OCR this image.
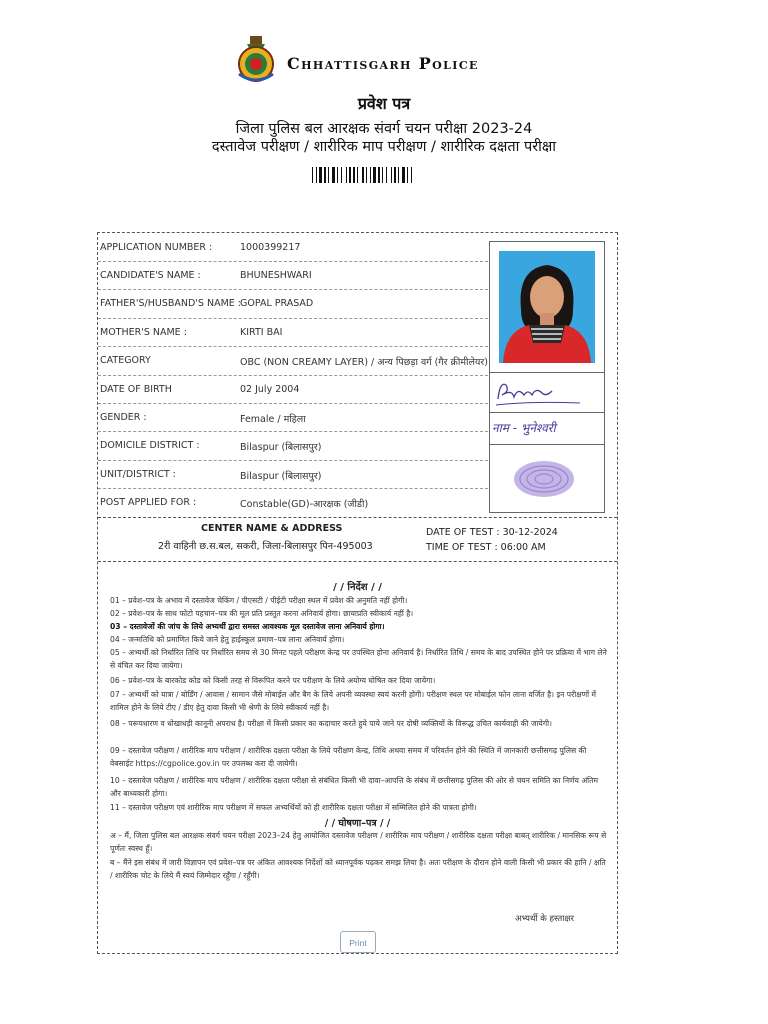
Chhattisgarh Police
प्रवेश पत्र
जिला पुलिस बल आरक्षक संवर्ग चयन परीक्षा 2023-24
दस्तावेज परीक्षण / शारीरिक माप परीक्षण / शारीरिक दक्षता परीक्षा
APPLICATION NUMBER :	1000399217
CANDIDATE'S NAME :	BHUNESHWARI
FATHER'S/HUSBAND'S NAME : GOPAL PRASAD
MOTHER'S NAME :	KIRTI BAI
CATEGORY	OBC (NON CREAMY LAYER) / अन्य पिछड़ा वर्ग (गैर क्रीमीलेयर)
DATE OF BIRTH	02 July 2004
GENDER :	Female / महिला
DOMICILE DISTRICT :	Bilaspur (बिलासपुर)
UNIT/DISTRICT :	Bilaspur (बिलासपुर)
POST APPLIED FOR :	Constable(GD)-आरक्षक (जीडी)
नाम - भुनेश्वरी
CENTER NAME & ADDRESS
2री वाहिनी छ.स.बल, सकरी, जिला-बिलासपुर पिन-495003
DATE OF TEST : 30-12-2024
TIME OF TEST : 06:00 AM
/ / निर्देश / /
01 – प्रवेश–पत्र के अभाव में दस्तावेज चेकिंग / पीएसटी / पीईटी परीक्षा स्थल में प्रवेश की अनुमति नहीं होगी।
02 – प्रवेश–पत्र के साथ फोटो पहचान–पत्र की मूल प्रति प्रस्तुत करना अनिवार्य होगा। छायाप्रति स्वीकार्य नहीं है।
03 – दस्तावेजों की जांच के लिये अभ्यर्थी द्वारा समस्त आवश्यक मूल दस्तावेज लाना अनिवार्य होगा।
04 – जन्मतिथि को प्रमाणित किये जाने हेतु हाईस्कूल प्रमाण–पत्र लाना अनिवार्य होगा।
05 – अभ्यर्थी को निर्धारित तिथि पर निर्धारित समय से 30 मिनट पहले परीक्षण केन्द्र पर उपस्थित होना अनिवार्य है। निर्धारित तिथि / समय के बाद उपस्थित होने पर प्रक्रिया में भाग लेने से वंचित कर दिया जायेगा।
06 – प्रवेश–पत्र के बारकोड कोड को किसी तरह से विरूपित करने पर परीक्षण के लिये अयोग्य घोषित कर दिया जायेगा।
07 – अभ्यर्थी को यात्रा / बोर्डिंग / आवास / सामान जैसे मोबाईल और बैग के लिये अपनी व्यवस्था स्वयं करनी होगी। परीक्षण स्थल पर मोबाईल फोन लाना वर्जित है। इन परीक्षणों में शामिल होने के लिये टीए / डीए हेतु दावा किसी भी श्रेणी के लिये स्वीकार्य नहीं है।
08 – परूपधारण व धोखाधड़ी कानूनी अपराध है। परीक्षा में किसी प्रकार का कदाचार करते हुये पाये जाने पर दोषी व्यक्तियों के विरूद्ध उचित कार्यवाही की जायेगी।
09 – दस्तावेज परीक्षण / शारीरिक माप परीक्षण / शारीरिक दक्षता परीक्षा के लिये परीक्षण केन्द्र, तिथि अथवा समय में परिवर्तन होने की स्थिति में जानकारी छत्तीसगढ़ पुलिस की वेबसाईट https://cgpolice.gov.in पर उपलब्ध करा दी जायेगी।
10 – दस्तावेज परीक्षण / शारीरिक माप परीक्षण / शारीरिक दक्षता परीक्षा से संबंधित किसी भी दावा–आपत्ति के संबंध में छत्तीसगढ़ पुलिस की ओर से चयन समिति का निर्णय अंतिम और बाध्यकारी होगा।
11 – दस्तावेज परीक्षण एवं शारीरिक माप परीक्षण में सफल अभ्यर्थियों को ही शारीरिक दक्षता परीक्षा में सम्मिलित होने की पात्रता होगी।
/ / घोषणा–पत्र / /
अ – मैं, जिला पुलिस बल आरक्षक संवर्ग चयन परीक्षा 2023–24 हेतु आयोजित दस्तावेज परीक्षण / शारीरिक माप परीक्षण / शारीरिक दक्षता परीक्षा बाबत् शारीरिक / मानसिक रूप से पूर्णतः स्वस्थ हूँ।
ब – मैंने इस संबंध में जारी विज्ञापन एवं प्रवेश–पत्र पर अंकित आवश्यक निर्देशों को ध्यानपूर्वक पढ़कर समझ लिया है। अतः परीक्षण के दौरान होने वाली किसी भी प्रकार की हानि / क्षति / शारीरिक चोट के लिये मैं स्वयं जिम्मेदार रहूँगा / रहूँगी।
अभ्यर्थी के हस्ताक्षर
Print
